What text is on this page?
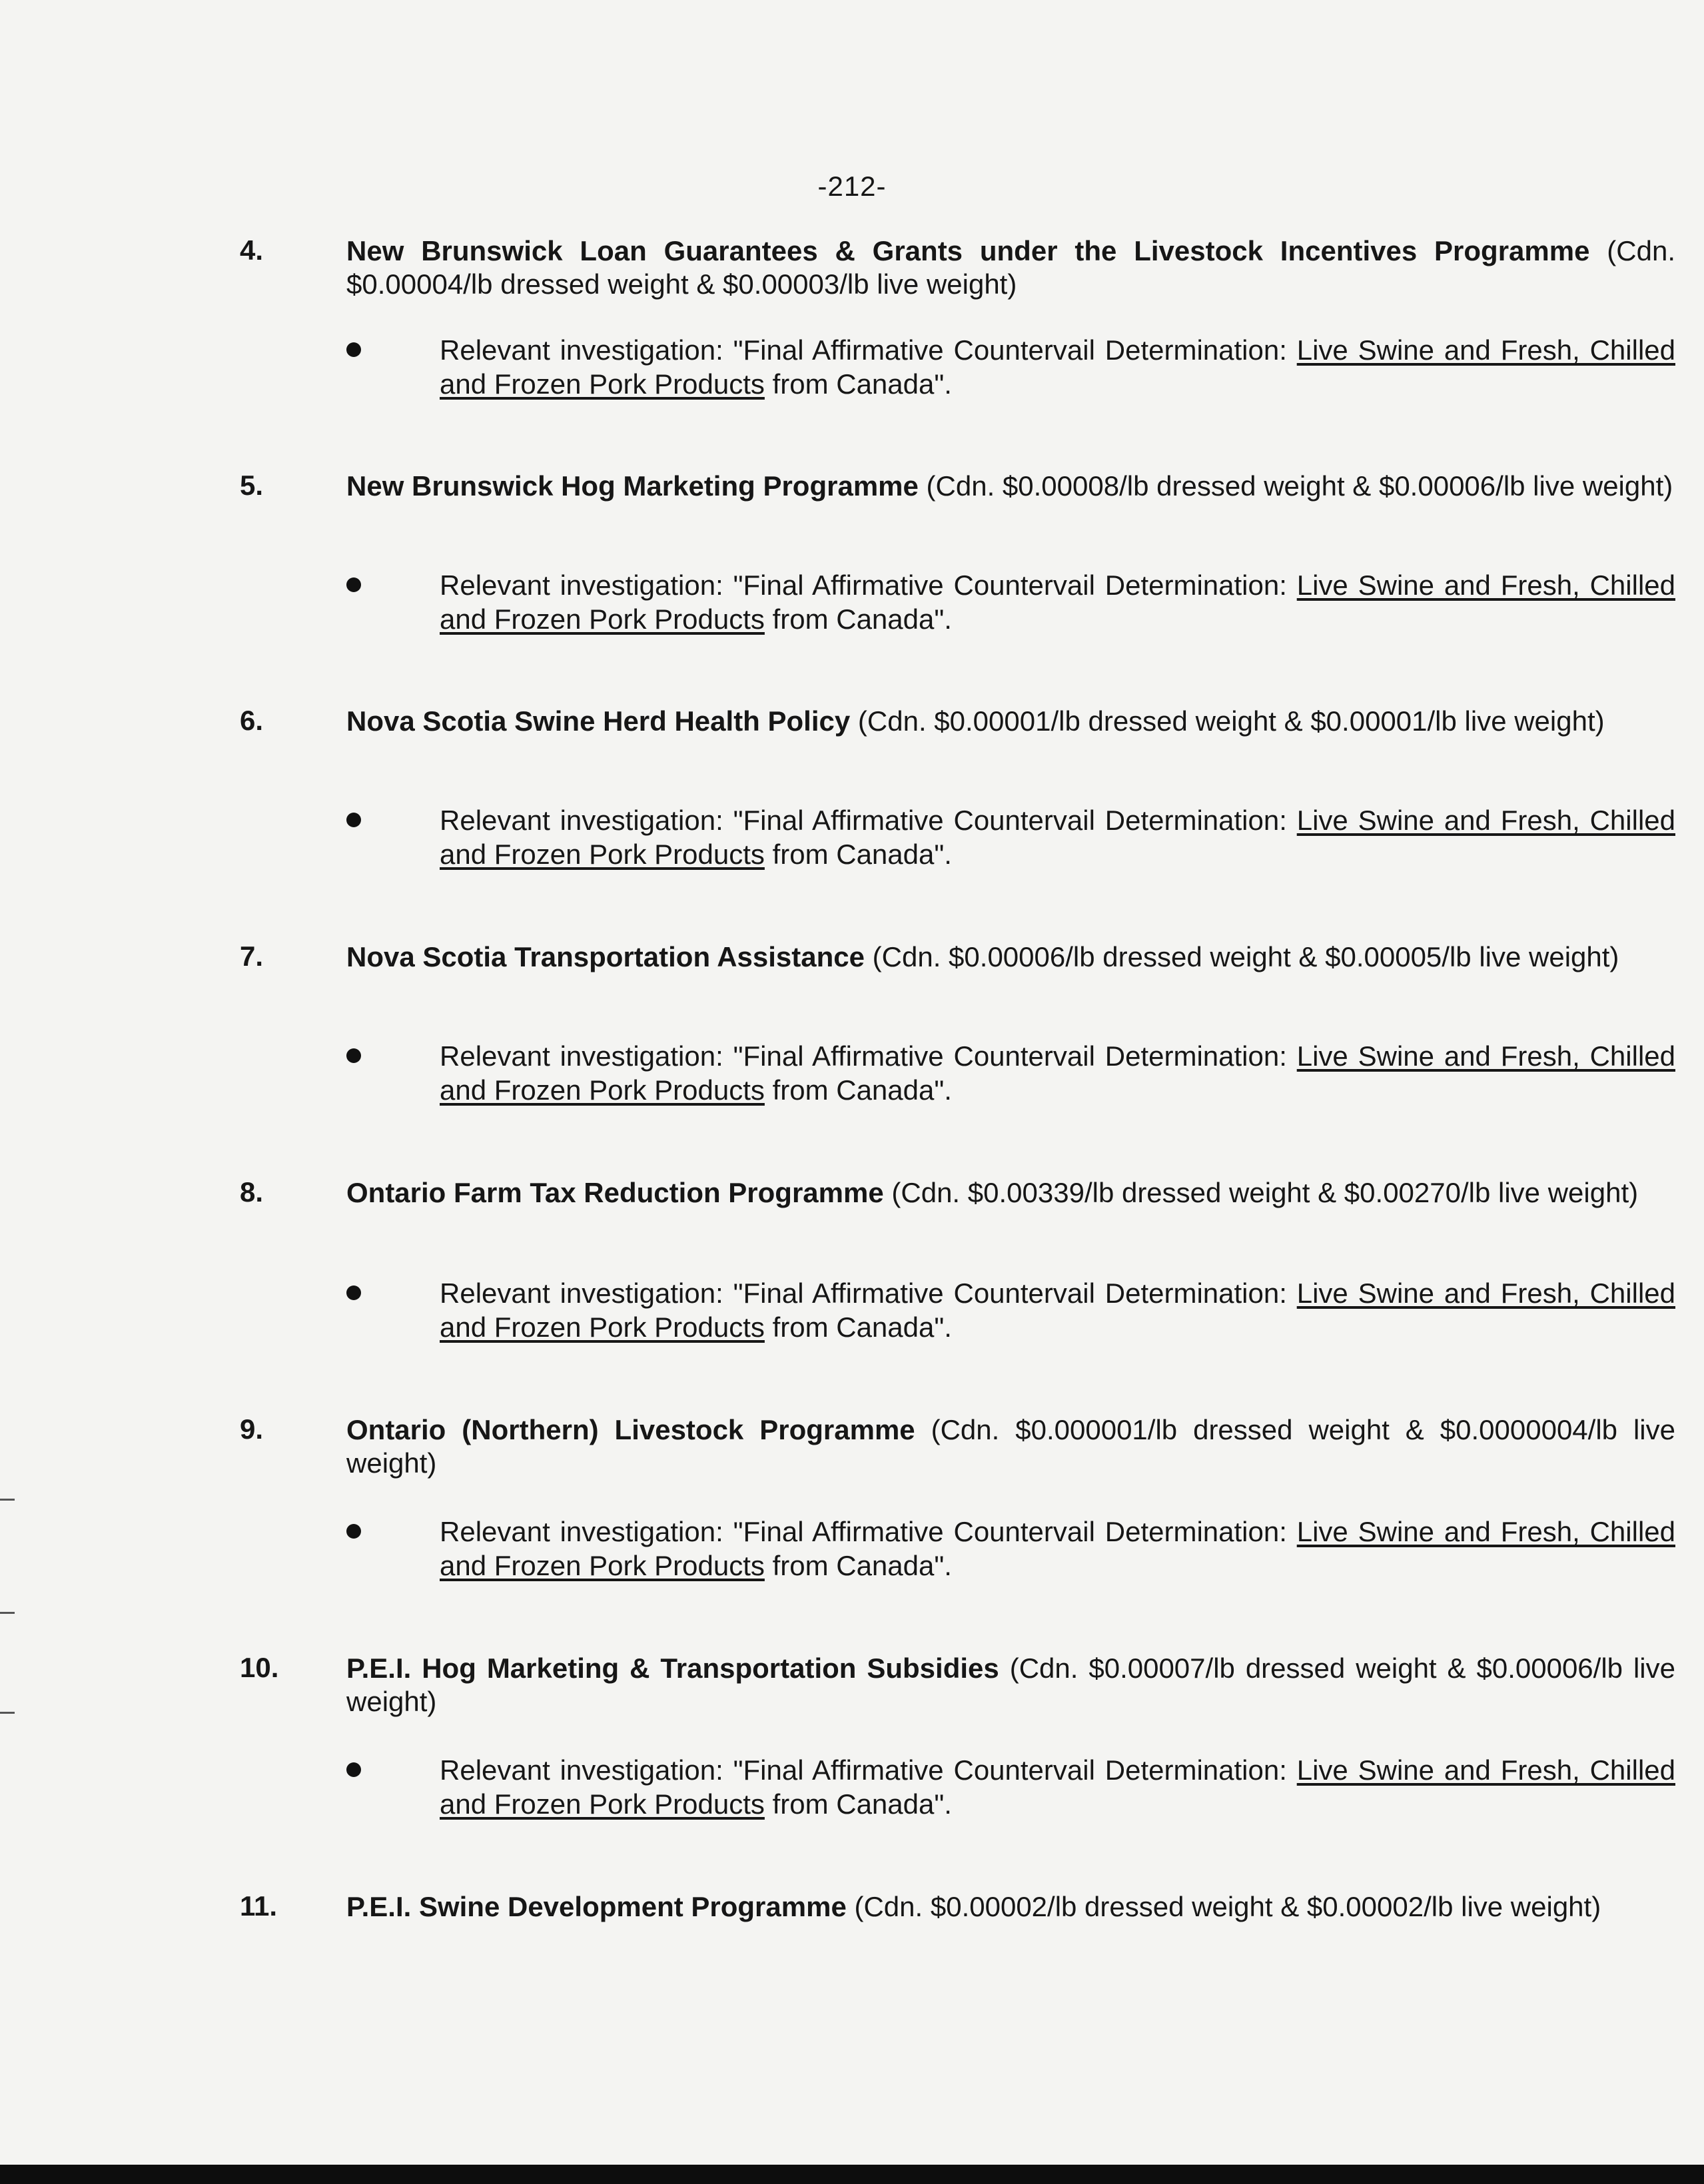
-212-
4.	New Brunswick Loan Guarantees & Grants under the Livestock Incentives Programme (Cdn. $0.00004/lb dressed weight & $0.00003/lb live weight)
Relevant investigation: "Final Affirmative Countervail Determination: Live Swine and Fresh, Chilled and Frozen Pork Products from Canada".
5.	New Brunswick Hog Marketing Programme (Cdn. $0.00008/lb dressed weight & $0.00006/lb live weight)
Relevant investigation: "Final Affirmative Countervail Determination: Live Swine and Fresh, Chilled and Frozen Pork Products from Canada".
6.	Nova Scotia Swine Herd Health Policy (Cdn. $0.00001/lb dressed weight & $0.00001/lb live weight)
Relevant investigation: "Final Affirmative Countervail Determination: Live Swine and Fresh, Chilled and Frozen Pork Products from Canada".
7.	Nova Scotia Transportation Assistance (Cdn. $0.00006/lb dressed weight & $0.00005/lb live weight)
Relevant investigation: "Final Affirmative Countervail Determination: Live Swine and Fresh, Chilled and Frozen Pork Products from Canada".
8.	Ontario Farm Tax Reduction Programme (Cdn. $0.00339/lb dressed weight & $0.00270/lb live weight)
Relevant investigation: "Final Affirmative Countervail Determination: Live Swine and Fresh, Chilled and Frozen Pork Products from Canada".
9.	Ontario (Northern) Livestock Programme (Cdn. $0.000001/lb dressed weight & $0.0000004/lb live weight)
Relevant investigation: "Final Affirmative Countervail Determination: Live Swine and Fresh, Chilled and Frozen Pork Products from Canada".
10. P.E.I. Hog Marketing & Transportation Subsidies (Cdn. $0.00007/lb dressed weight & $0.00006/lb live weight)
Relevant investigation: "Final Affirmative Countervail Determination: Live Swine and Fresh, Chilled and Frozen Pork Products from Canada".
11. P.E.I. Swine Development Programme (Cdn. $0.00002/lb dressed weight & $0.00002/lb live weight)
